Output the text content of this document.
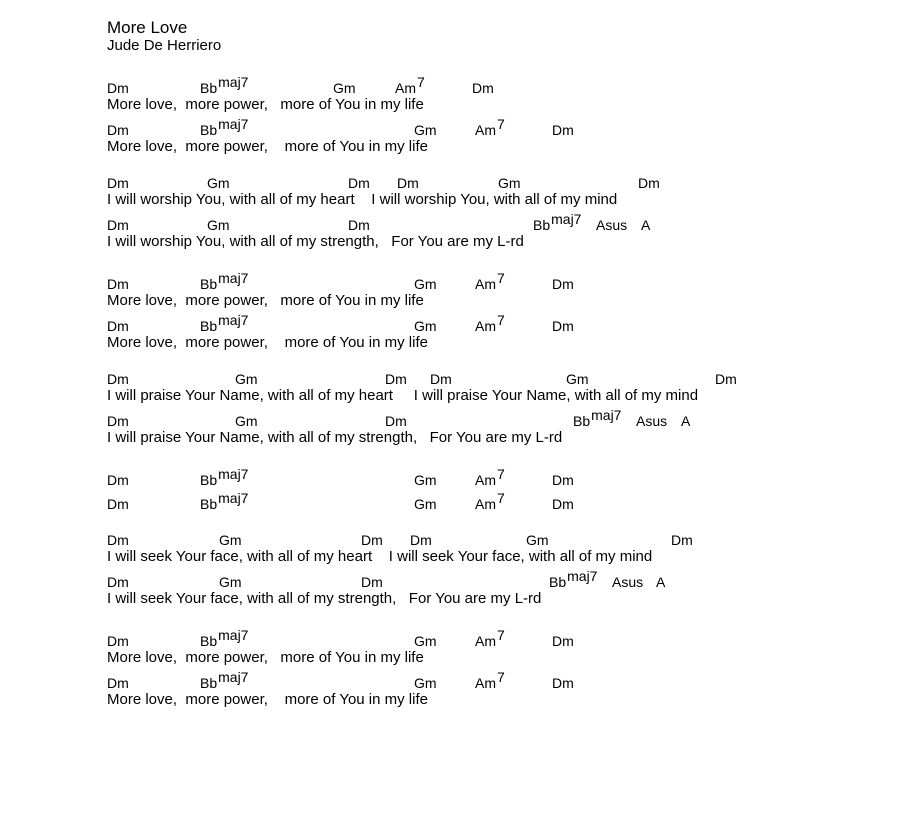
More Love
Jude De Herriero
Dm	$Bb^{maj7}$	Gm	Am$^7$	Dm
More love,  more power,   more of You in my life
Dm	$Bb^{maj7}$	Gm	Am$^7$	Dm
More love,  more power,    more of You in my life
Dm	Gm	Dm Dm	Gm	Dm
I will worship You, with all of my heart    I will worship You, with all of my mind
Dm	Gm	Dm	$Bb^{maj7}$ Asus A
I will worship You, with all of my strength,   For You are my L-rd
Dm	$Bb^{maj7}$	Gm	Am$^7$	Dm
More love,  more power,   more of You in my life
Dm	$Bb^{maj7}$	Gm	Am$^7$	Dm
More love,  more power,    more of You in my life
Dm	Gm	Dm Dm	Gm	Dm
I will praise Your Name, with all of my heart     I will praise Your Name, with all of my mind
Dm	Gm	Dm	$Bb^{maj7}$ Asus A
I will praise Your Name, with all of my strength,   For You are my L-rd
Dm	$Bb^{maj7}$	Gm	Am$^7$	Dm
Dm	$Bb^{maj7}$	Gm	Am$^7$	Dm
Dm	Gm	Dm Dm	Gm	Dm
I will seek Your face, with all of my heart    I will seek Your face, with all of my mind
Dm	Gm	Dm	$Bb^{maj7}$ Asus A
I will seek Your face, with all of my strength,   For You are my L-rd
Dm	$Bb^{maj7}$	Gm	Am$^7$	Dm
More love,  more power,   more of You in my life
Dm	$Bb^{maj7}$	Gm	Am$^7$	Dm
More love,  more power,    more of You in my life
